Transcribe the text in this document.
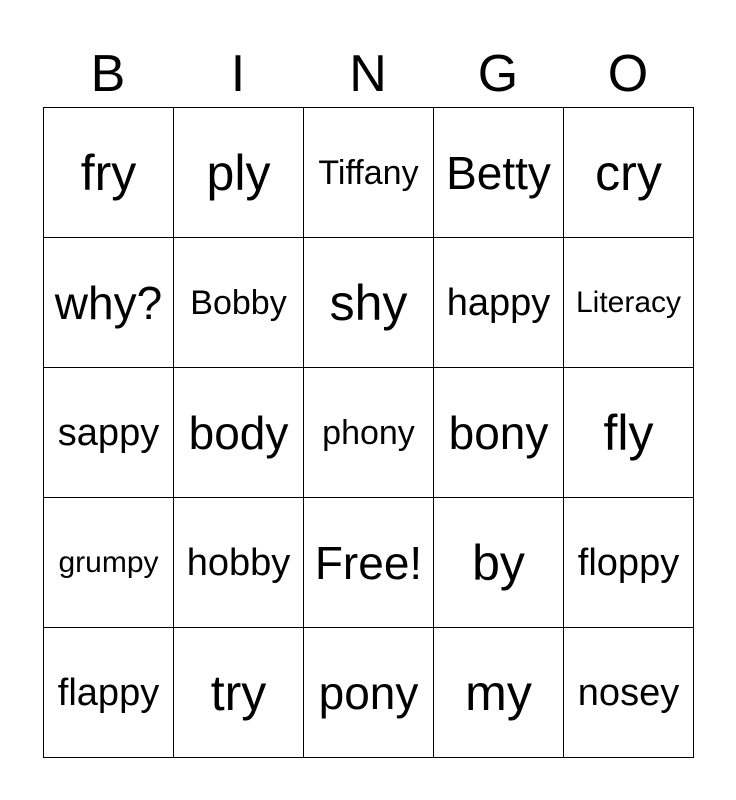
B	I	N	G	O
fry ply Tiffany Betty cry
why? Bobby shy happy Literacy
sappy body phony bony fly
grumpy hobby Free! by floppy
flappy try pony my nosey
